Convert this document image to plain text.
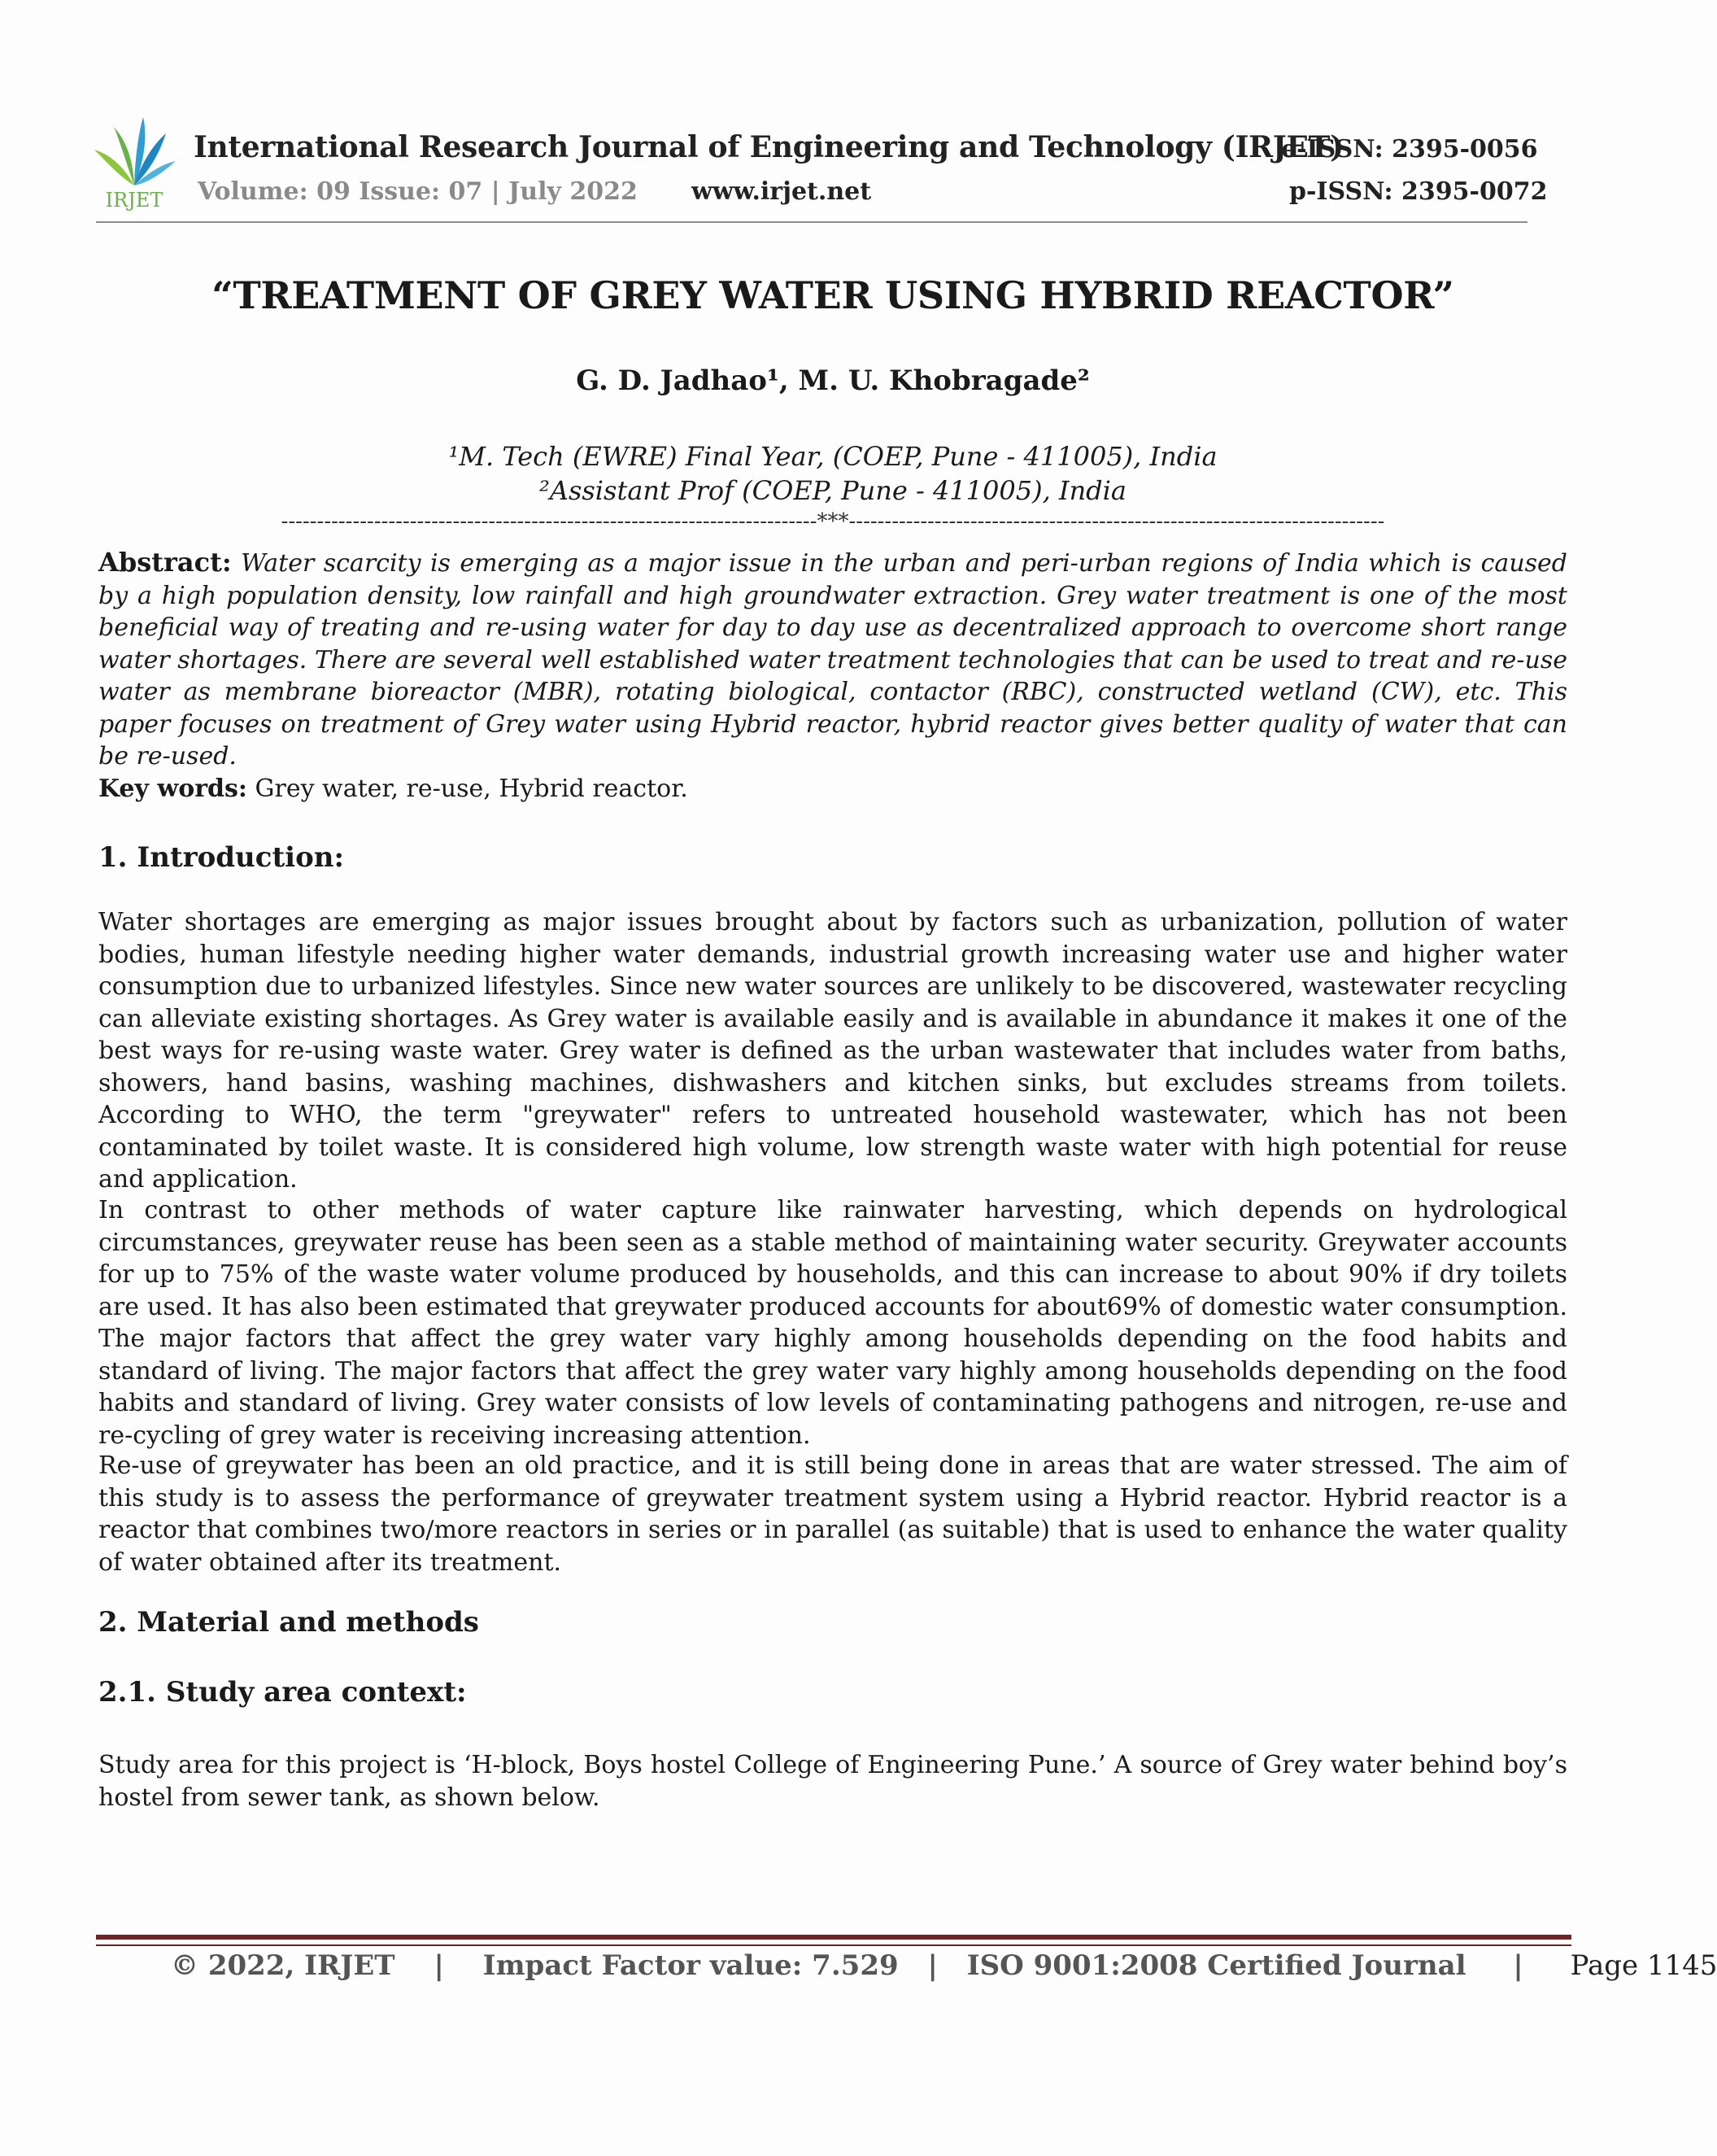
IRJET
International Research Journal of Engineering and Technology (IRJET)
e-ISSN: 2395-0056
Volume: 09 Issue: 07 | July 2022 www.irjet.net	p-ISSN: 2395-0072
“TREATMENT OF GREY WATER USING HYBRID REACTOR”
G. D. Jadhao¹, M. U. Khobragade²
¹M. Tech (EWRE) Final Year, (COEP, Pune - 411005), India
²Assistant Prof (COEP, Pune - 411005), India
---------------------------------------------------------------------------***---------------------------------------------------------------------------
Abstract: Water scarcity is emerging as a major issue in the urban and peri-urban regions of India which is caused by a high population density, low rainfall and high groundwater extraction. Grey water treatment is one of the most beneficial way of treating and re-using water for day to day use as decentralized approach to overcome short range water shortages. There are several well established water treatment technologies that can be used to treat and re-use water as membrane bioreactor (MBR), rotating biological, contactor (RBC), constructed wetland (CW), etc. This paper focuses on treatment of Grey water using Hybrid reactor, hybrid reactor gives better quality of water that can be re-used.
Key words: Grey water, re-use, Hybrid reactor.
1. Introduction:
Water shortages are emerging as major issues brought about by factors such as urbanization, pollution of water bodies, human lifestyle needing higher water demands, industrial growth increasing water use and higher water consumption due to urbanized lifestyles. Since new water sources are unlikely to be discovered, wastewater recycling can alleviate existing shortages. As Grey water is available easily and is available in abundance it makes it one of the best ways for re-using waste water. Grey water is defined as the urban wastewater that includes water from baths, showers, hand basins, washing machines, dishwashers and kitchen sinks, but excludes streams from toilets. According to WHO, the term "greywater" refers to untreated household wastewater, which has not been contaminated by toilet waste. It is considered high volume, low strength waste water with high potential for reuse and application.
In contrast to other methods of water capture like rainwater harvesting, which depends on hydrological circumstances, greywater reuse has been seen as a stable method of maintaining water security. Greywater accounts for up to 75% of the waste water volume produced by households, and this can increase to about 90% if dry toilets are used. It has also been estimated that greywater produced accounts for about69% of domestic water consumption. The major factors that affect the grey water vary highly among households depending on the food habits and standard of living. The major factors that affect the grey water vary highly among households depending on the food habits and standard of living. Grey water consists of low levels of contaminating pathogens and nitrogen, re-use and re-cycling of grey water is receiving increasing attention.
Re-use of greywater has been an old practice, and it is still being done in areas that are water stressed. The aim of this study is to assess the performance of greywater treatment system using a Hybrid reactor. Hybrid reactor is a reactor that combines two/more reactors in series or in parallel (as suitable) that is used to enhance the water quality of water obtained after its treatment.
2. Material and methods
2.1. Study area context:
Study area for this project is ‘H-block, Boys hostel College of Engineering Pune.’ A source of Grey water behind boy’s hostel from sewer tank, as shown below.
© 2022, IRJET | Impact Factor value: 7.529 | ISO 9001:2008 Certified Journal | Page 1145
